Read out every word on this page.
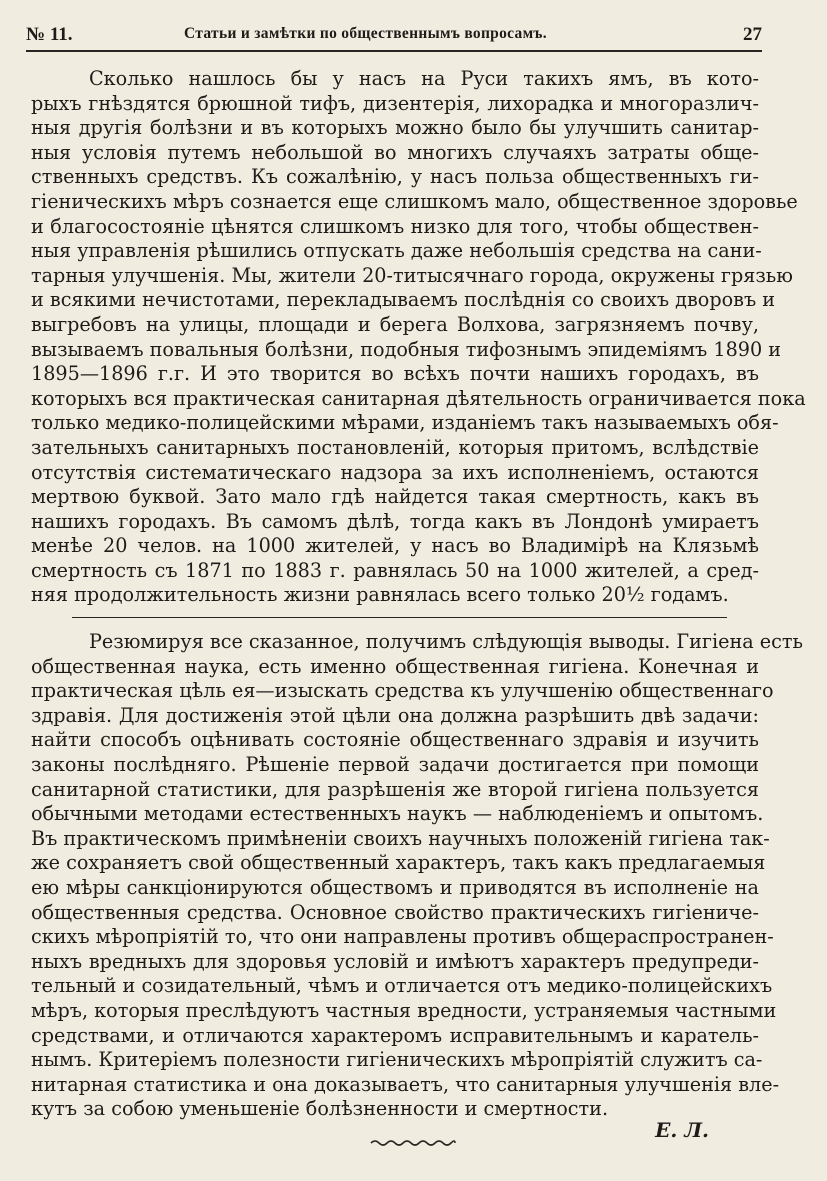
№ 11.	Статьи и замѣтки по общественнымъ вопросамъ.	27
Сколько нашлось бы у насъ на Руси такихъ ямъ, въ кото-
рыхъ гнѣздятся брюшной тифъ, дизентерія, лихорадка и многоразлич-
ныя другія болѣзни и въ которыхъ можно было бы улучшить санитар-
ныя условія путемъ небольшой во многихъ случаяхъ затраты обще-
ственныхъ средствъ. Къ сожалѣнію, у насъ польза общественныхъ ги-
гіеническихъ мѣръ сознается еще слишкомъ мало, общественное здоровье
и благосостояніе цѣнятся слишкомъ низко для того, чтобы обществен-
ныя управленія рѣшились отпускать даже небольшія средства на сани-
тарныя улучшенія. Мы, жители 20-титысячнаго города, окружены грязью
и всякими нечистотами, перекладываемъ послѣднія со своихъ дворовъ и
выгребовъ на улицы, площади и берега Волхова, загрязняемъ почву,
вызываемъ повальныя болѣзни, подобныя тифознымъ эпидеміямъ 1890 и
1895—1896 г.г. И это творится во всѣхъ почти нашихъ городахъ, въ
которыхъ вся практическая санитарная дѣятельность ограничивается пока
только медико-полицейскими мѣрами, изданіемъ такъ называемыхъ обя-
зательныхъ санитарныхъ постановленій, которыя притомъ, вслѣдствіе
отсутствія систематическаго надзора за ихъ исполненіемъ, остаются
мертвою буквой. Зато мало гдѣ найдется такая смертность, какъ въ
нашихъ городахъ. Въ самомъ дѣлѣ, тогда какъ въ Лондонѣ умираетъ
менѣе 20 челов. на 1000 жителей, у насъ во Владимірѣ на Клязьмѣ
смертность съ 1871 по 1883 г. равнялась 50 на 1000 жителей, а сред-
няя продолжительность жизни равнялась всего только 20½ годамъ.
Резюмируя все сказанное, получимъ слѣдующія выводы. Гигіена есть
общественная наука, есть именно общественная гигіена. Конечная и
практическая цѣль ея—изыскать средства къ улучшенію общественнаго
здравія. Для достиженія этой цѣли она должна разрѣшить двѣ задачи:
найти способъ оцѣнивать состояніе общественнаго здравія и изучить
законы послѣдняго. Рѣшеніе первой задачи достигается при помощи
санитарной статистики, для разрѣшенія же второй гигіена пользуется
обычными методами естественныхъ наукъ — наблюденіемъ и опытомъ.
Въ практическомъ примѣненіи своихъ научныхъ положеній гигіена так-
же сохраняетъ свой общественный характеръ, такъ какъ предлагаемыя
ею мѣры санкціонируются обществомъ и приводятся въ исполненіе на
общественныя средства. Основное свойство практическихъ гигіениче-
скихъ мѣропріятій то, что они направлены противъ общераспространен-
ныхъ вредныхъ для здоровья условій и имѣютъ характеръ предупреди-
тельный и созидательный, чѣмъ и отличается отъ медико-полицейскихъ
мѣръ, которыя преслѣдуютъ частныя вредности, устраняемыя частными
средствами, и отличаются характеромъ исправительнымъ и каратель-
нымъ. Критеріемъ полезности гигіеническихъ мѣропріятій служитъ са-
нитарная статистика и она доказываетъ, что санитарныя улучшенія вле-
кутъ за собою уменьшеніе болѣзненности и смертности.
Е. Л.
